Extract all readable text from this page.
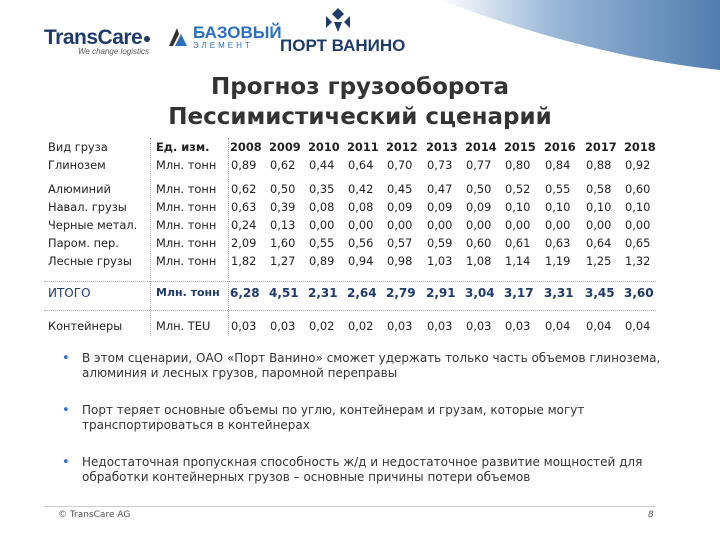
TransCare
We change logistics
БАЗОВЫЙ
ЭЛЕМЕНТ	ПОРТ ВАНИНО
Прогноз грузооборота
Пессимистический сценарий
Вид груза	Ед. изм. 2008 2009 2010 2011 2012 2013 2014 2015 2016 2017 2018
Глинозем	Млн. тонн 0,89	0,62	0,44	0,64	0,70	0,73	0,77	0,80	0,84	0,88	0,92
Алюминий	Млн. тонн 0,62	0,50	0,35	0,42	0,45	0,47	0,50	0,52	0,55	0,58	0,60
Навал. грузы	Млн. тонн 0,63	0,39	0,08	0,08	0,09	0,09	0,09	0,10	0,10	0,10	0,10
Черные метал. Млн. тонн 0,24	0,13	0,00	0,00	0,00	0,00	0,00	0,00	0,00	0,00	0,00
Паром. пер.	Млн. тонн 2,09	1,60	0,55	0,56	0,57	0,59	0,60	0,61	0,63	0,64	0,65
Лесные грузы Млн. тонн 1,82	1,27	0,89	0,94	0,98	1,03	1,08	1,14	1,19	1,25	1,32
ИТОГО	Млн. тонн 6,28 4,51 2,31 2,64 2,79 2,91 3,04 3,17 3,31 3,45 3,60
Контейнеры	Млн. TEU 0,03	0,03	0,02	0,02	0,03	0,03	0,03	0,03	0,04	0,04	0,04
• В этом сценарии, ОАО «Порт Ванино» сможет удержать только часть объемов глинозема, алюминия и лесных грузов, паромной переправы
• Порт теряет основные объемы по углю, контейнерам и грузам, которые могут транспортироваться в контейнерах
• Недостаточная пропускная способность ж/д и недостаточное развитие мощностей для обработки контейнерных грузов – основные причины потери объемов
© TransCare AG	8
